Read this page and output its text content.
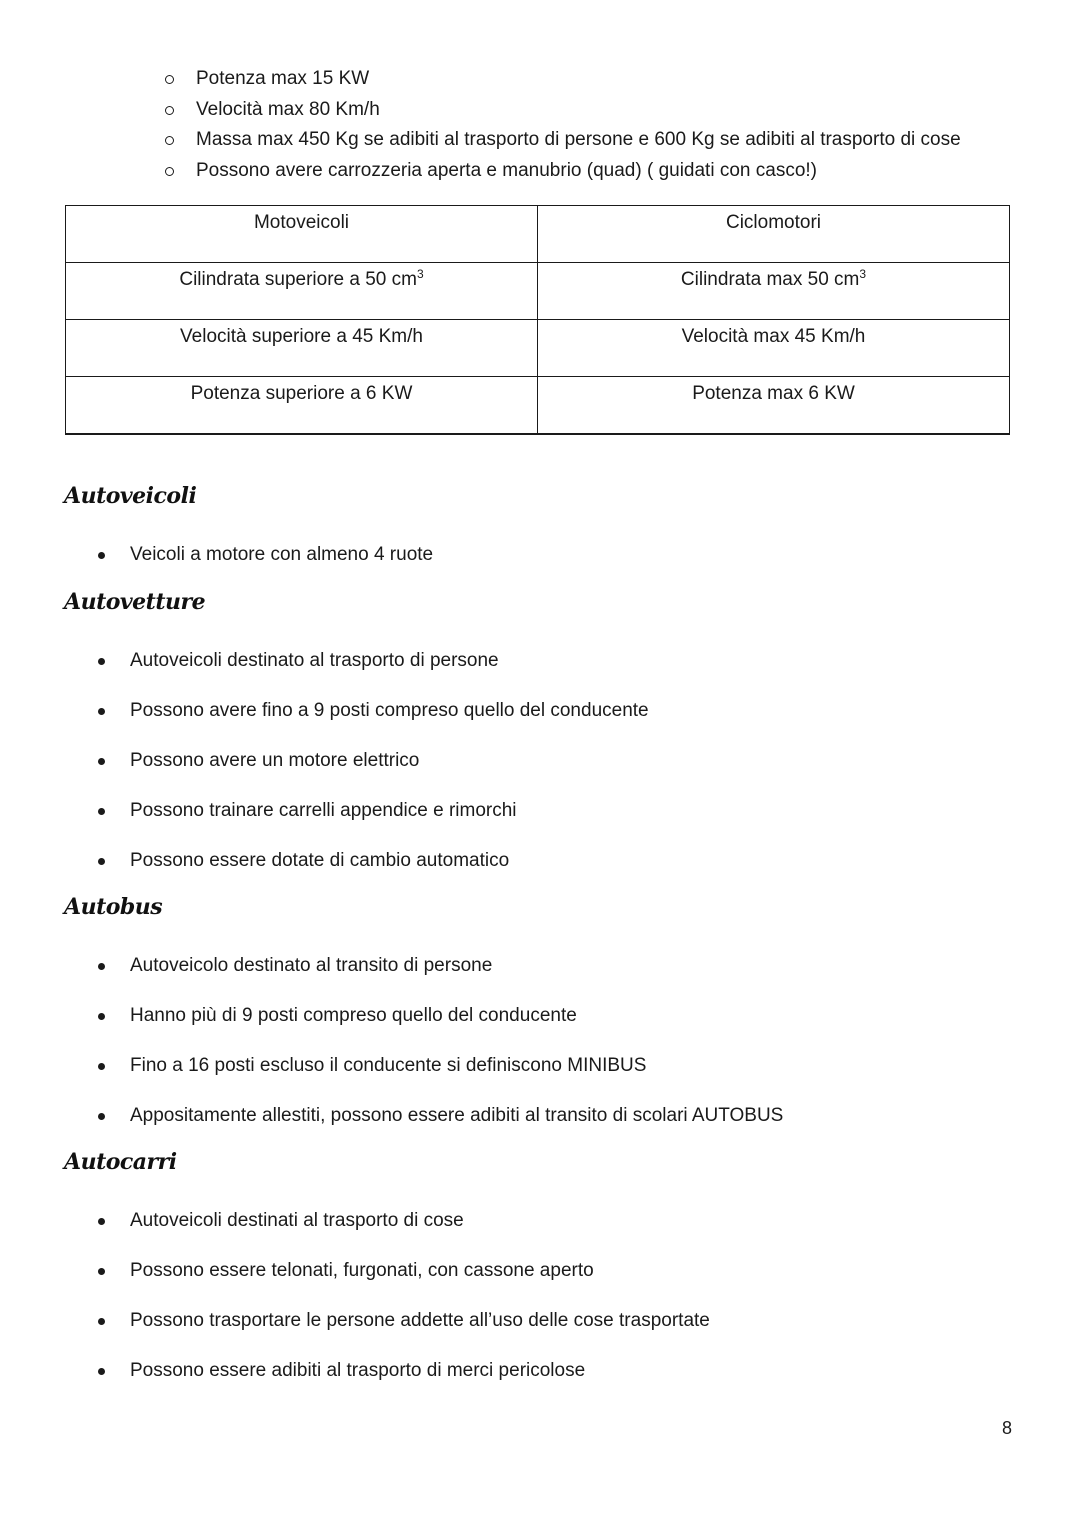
Potenza max 15 KW
Velocità max 80 Km/h
Massa max 450 Kg se adibiti al trasporto di persone e 600 Kg se adibiti al trasporto di cose
Possono avere carrozzeria aperta e manubrio (quad) ( guidati con casco!)
Motoveicoli	Ciclomotori
Cilindrata superiore a 50 $cm^3$	Cilindrata max 50 $cm^3$
Velocità superiore a 45 Km/h	Velocità max 45 Km/h
Potenza superiore a 6 KW	Potenza max 6 KW
Autoveicoli
Veicoli a motore con almeno 4 ruote
Autovetture
Autoveicoli destinato al trasporto di persone
Possono avere fino a 9 posti compreso quello del conducente
Possono avere un motore elettrico
Possono trainare carrelli appendice e rimorchi
Possono essere dotate di cambio automatico
Autobus
Autoveicolo destinato al transito di persone
Hanno più di 9 posti compreso quello del conducente
Fino a 16 posti escluso il conducente si definiscono MINIBUS
Appositamente allestiti, possono essere adibiti al transito di scolari AUTOBUS
Autocarri
Autoveicoli destinati al trasporto di cose
Possono essere telonati, furgonati, con cassone aperto
Possono trasportare le persone addette all’uso delle cose trasportate
Possono essere adibiti al trasporto di merci pericolose
8
